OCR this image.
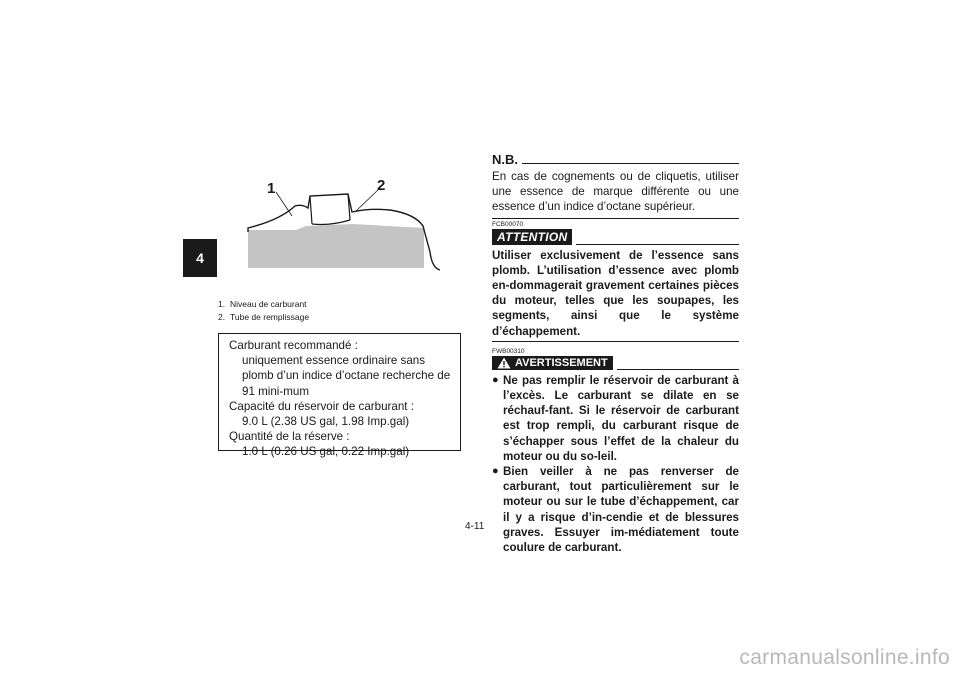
4
1	2
1. Niveau de carburant
2. Tube de remplissage
Carburant recommandé :
uniquement essence ordinaire sans plomb d’un indice d’octane recherche de 91 mini-mum
Capacité du réservoir de carburant :
9.0 L (2.38 US gal, 1.98 Imp.gal)
Quantité de la réserve :
1.0 L (0.26 US gal, 0.22 Imp.gal)
N.B.
En cas de cognements ou de cliquetis, utiliser une essence de marque différente ou une essence d’un indice d’octane supérieur.
FCB00070
ATTENTION
Utiliser exclusivement de l’essence sans plomb. L’utilisation d’essence avec plomb en-dommagerait gravement certaines pièces du moteur, telles que les soupapes, les segments, ainsi que le système d’échappement.
FWB00310
AVERTISSEMENT
● Ne pas remplir le réservoir de carburant à l’excès. Le carburant se dilate en se réchauf-fant. Si le réservoir de carburant est trop rempli, du carburant risque de s’échapper sous l’effet de la chaleur du moteur ou du so-leil.
● Bien veiller à ne pas renverser de carburant, tout particulièrement sur le moteur ou sur le tube d’échappement, car il y a risque d’in-cendie et de blessures graves. Essuyer im-médiatement toute coulure de carburant.
4-11
carmanualsonline.info
